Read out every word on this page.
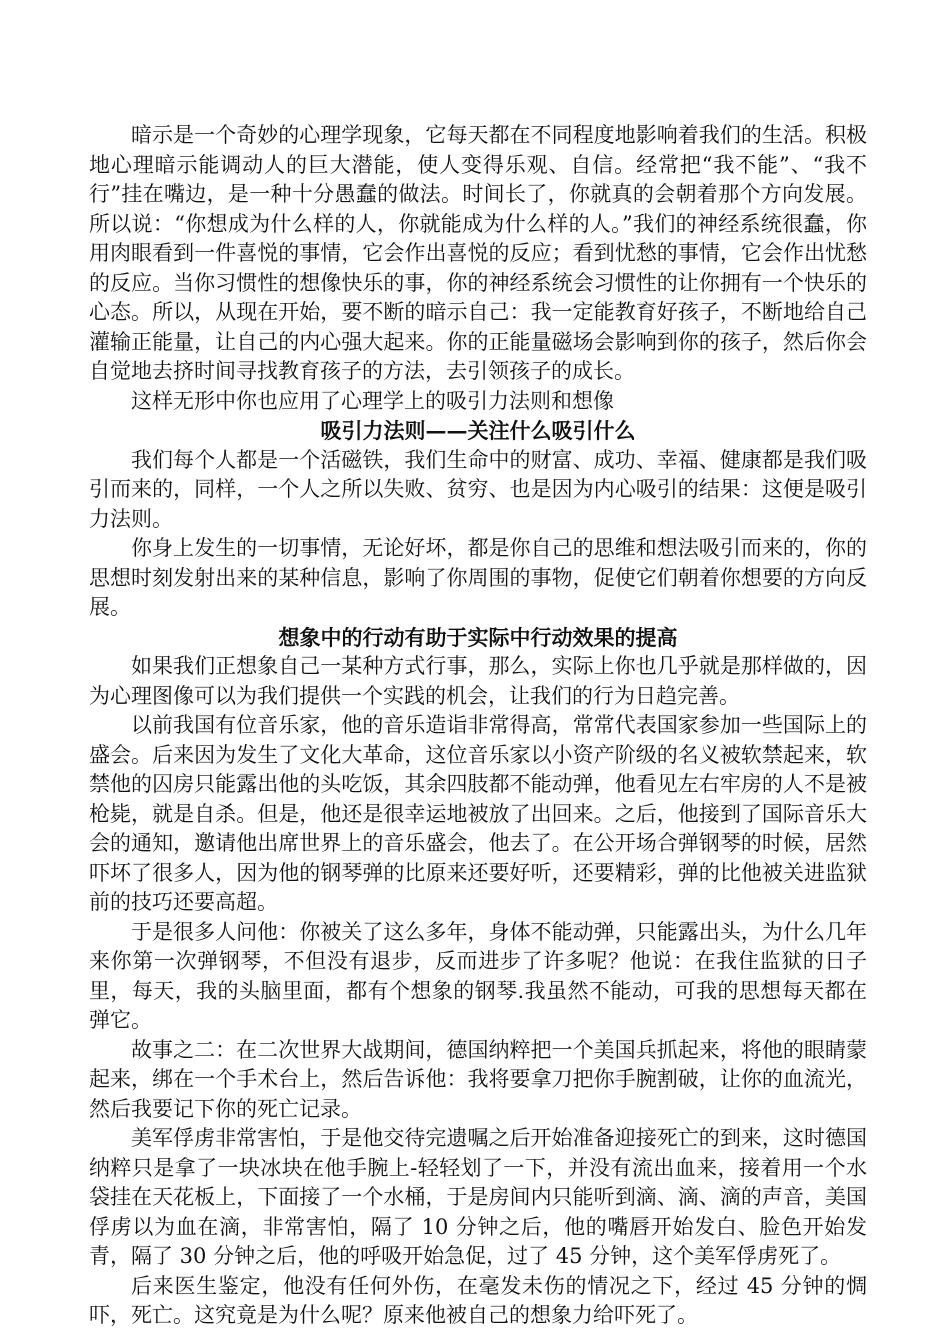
暗示是一个奇妙的心理学现象，它每天都在不同程度地影响着我们的生活。积极地心理暗示能调动人的巨大潜能，使人变得乐观、自信。经常把“我不能”、“我不行”挂在嘴边，是一种十分愚蠢的做法。时间长了，你就真的会朝着那个方向发展。所以说：“你想成为什么样的人，你就能成为什么样的人。”我们的神经系统很蠢，你用肉眼看到一件喜悦的事情，它会作出喜悦的反应；看到忧愁的事情，它会作出忧愁的反应。当你习惯性的想像快乐的事，你的神经系统会习惯性的让你拥有一个快乐的心态。所以，从现在开始，要不断的暗示自己：我一定能教育好孩子，不断地给自己灌输正能量，让自己的内心强大起来。你的正能量磁场会影响到你的孩子，然后你会自觉地去挤时间寻找教育孩子的方法，去引领孩子的成长。

这样无形中你也应用了心理学上的吸引力法则和想像

吸引力法则——关注什么吸引什么

我们每个人都是一个活磁铁，我们生命中的财富、成功、幸福、健康都是我们吸引而来的，同样，一个人之所以失败、贫穷、也是因为内心吸引的结果：这便是吸引力法则。

你身上发生的一切事情，无论好坏，都是你自己的思维和想法吸引而来的，你的思想时刻发射出来的某种信息，影响了你周围的事物，促使它们朝着你想要的方向反展。

想象中的行动有助于实际中行动效果的提高

如果我们正想象自己一某种方式行事，那么，实际上你也几乎就是那样做的，因为心理图像可以为我们提供一个实践的机会，让我们的行为日趋完善。

以前我国有位音乐家，他的音乐造诣非常得高，常常代表国家参加一些国际上的盛会。后来因为发生了文化大革命，这位音乐家以小资产阶级的名义被软禁起来，软禁他的囚房只能露出他的头吃饭，其余四肢都不能动弹，他看见左右牢房的人不是被枪毙，就是自杀。但是，他还是很幸运地被放了出回来。之后，他接到了国际音乐大会的通知，邀请他出席世界上的音乐盛会，他去了。在公开场合弹钢琴的时候，居然吓坏了很多人，因为他的钢琴弹的比原来还要好听，还要精彩，弹的比他被关进监狱前的技巧还要高超。

于是很多人问他：你被关了这么多年，身体不能动弹，只能露出头，为什么几年来你第一次弹钢琴，不但没有退步，反而进步了许多呢？他说：在我住监狱的日子里，每天，我的头脑里面，都有个想象的钢琴.我虽然不能动，可我的思想每天都在弹它。

故事之二：在二次世界大战期间，德国纳粹把一个美国兵抓起来，将他的眼睛蒙起来，绑在一个手术台上，然后告诉他：我将要拿刀把你手腕割破，让你的血流光，然后我要记下你的死亡记录。

美军俘虏非常害怕，于是他交待完遗嘱之后开始准备迎接死亡的到来，这时德国纳粹只是拿了一块冰块在他手腕上-轻轻划了一下，并没有流出血来，接着用一个水袋挂在天花板上，下面接了一个水桶，于是房间内只能听到滴、滴、滴的声音，美国俘虏以为血在滴，非常害怕，隔了 10 分钟之后，他的嘴唇开始发白、脸色开始发青，隔了 30 分钟之后，他的呼吸开始急促，过了 45 分钟，这个美军俘虏死了。

后来医生鉴定，他没有任何外伤，在毫发未伤的情况之下，经过 45 分钟的惆吓，死亡。这究竟是为什么呢？原来他被自己的想象力给吓死了。
